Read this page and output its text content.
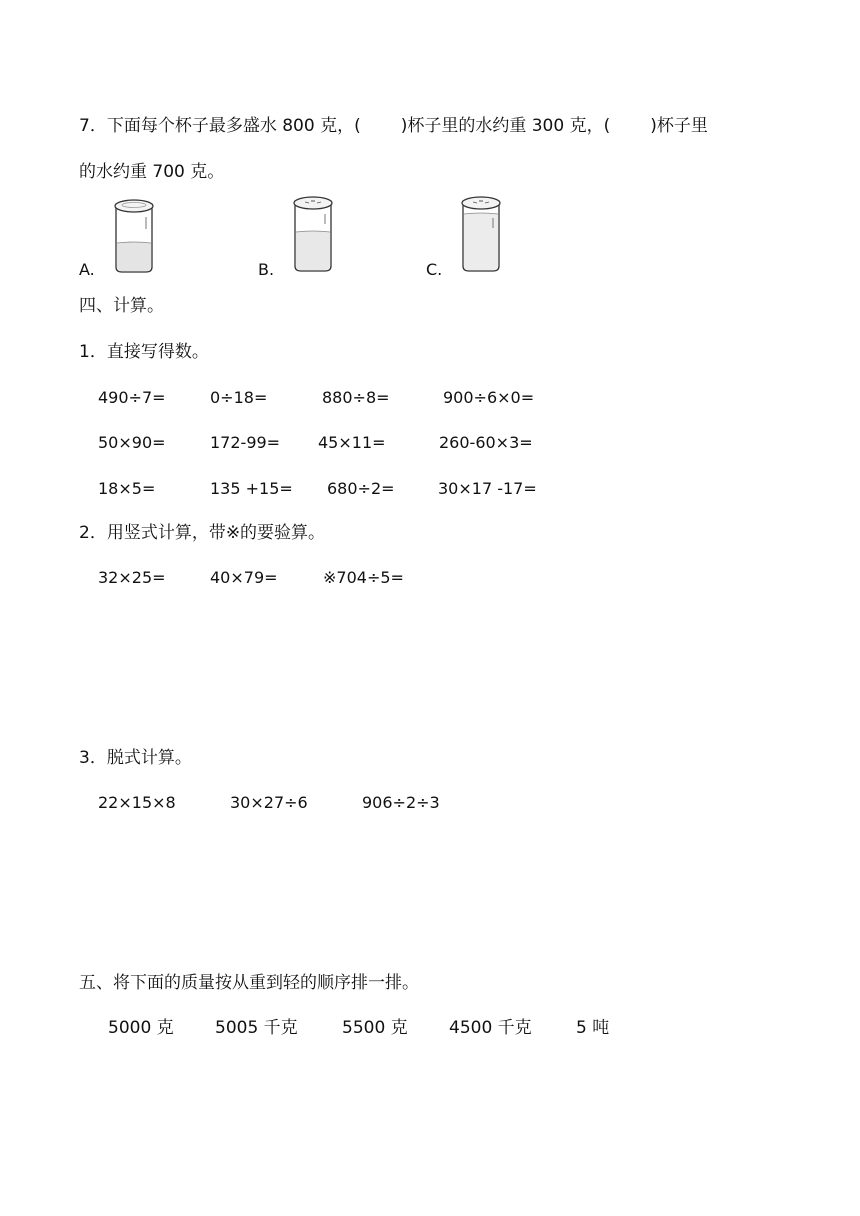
7．下面每个杯子最多盛水 800 克，( )杯子里的水约重 300 克，( )杯子里
的水约重 700 克。
A.	B.	C.
四、计算。
1．直接写得数。
490÷7=	0÷18=	880÷8=	900÷6×0=
50×90=	172-99= 45×11=	260-60×3=
18×5=	135 +15= 680÷2=	30×17 -17=
2．用竖式计算，带※的要验算。
32×25=	40×79=	※704÷5=
3．脱式计算。
22×15×8	30×27÷6	906÷2÷3
五、将下面的质量按从重到轻的顺序排一排。
5000 克 5005 千克	5500 克 4500 千克	5 吨
